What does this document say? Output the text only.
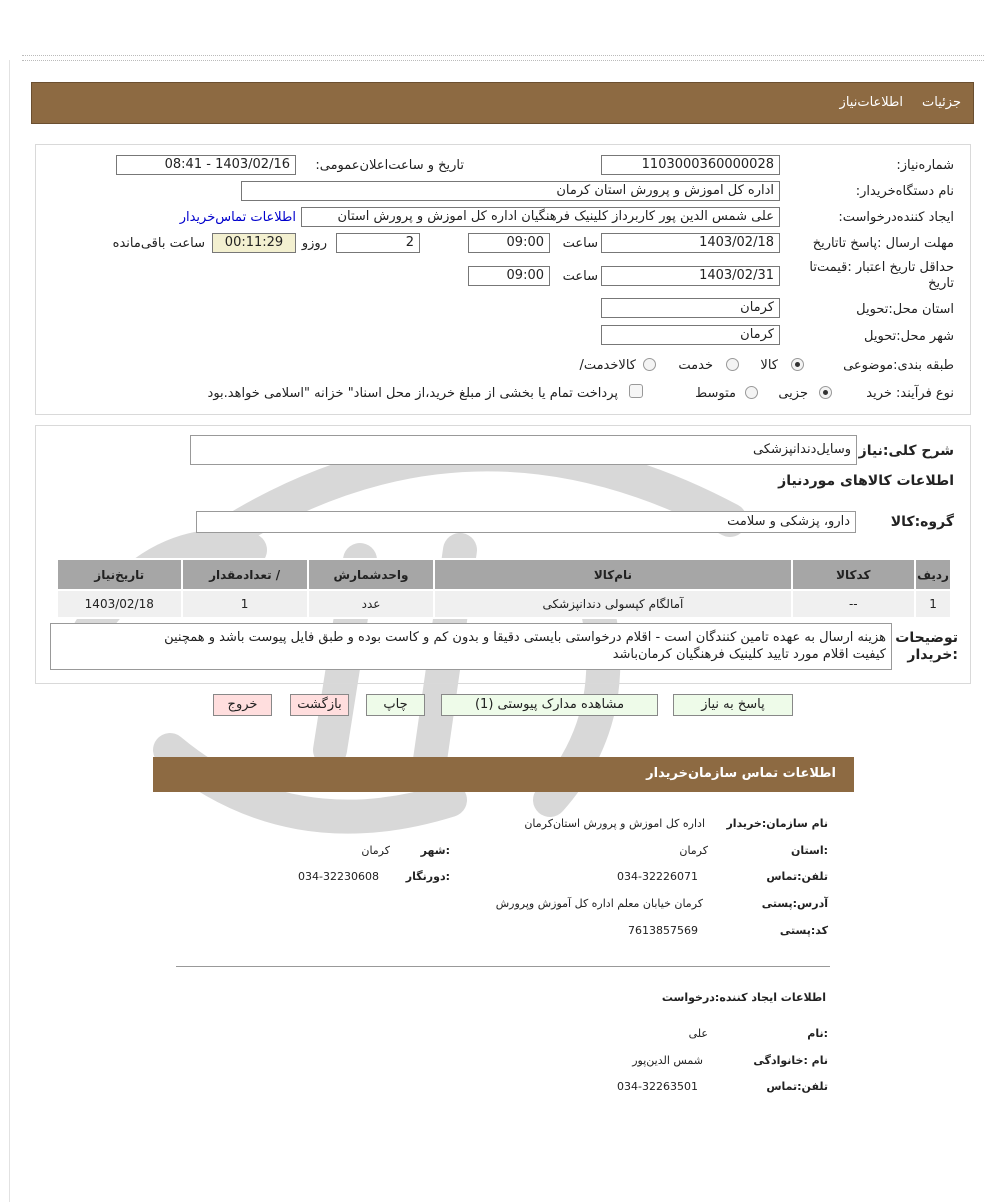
جزئیات
اطلاعات‌نیاز
شماره‌نیاز:
1103000360000028
تاریخ و ساعت‌اعلان‌عمومی:
1403/02/16 - 08:41
نام دستگاه‌خریدار:
اداره کل اموزش و پرورش استان کرمان
ایجاد کننده‌درخواست:
علی شمس الدین پور کاربرداز کلینیک فرهنگیان اداره کل اموزش و پرورش استان
اطلاعات تماس‌خریدار
مهلت ارسال :پاسخ تا‌تاریخ
1403/02/18
ساعت
09:00
2
روزو
00:11:29
ساعت باقی‌مانده
حداقل تاریخ اعتبار :قیمت‌تا تاریخ
1403/02/31
ساعت
09:00
استان محل:تحویل
کرمان
شهر محل:تحویل
کرمان
طبقه بندی:موضوعی
کالا
خدمت
کالاخدمت/
نوع فرآیند: خرید
جزیی
متوسط
پرداخت تمام یا بخشی از مبلغ خرید،از محل اسناد" خزانه "اسلامی خواهد.بود
شرح کلی:نیاز
وسایل‌دندانپزشکی
اطلاعات کالاهای موردنیاز
گروه:کالا
دارو، پزشکی و سلامت
ردیف	کدکالا	نام‌کالا	واحدشمارش	/ تعدادمقدار	تاریخ‌نیاز
1	--	آمالگام کپسولی دندانپزشکی	عدد	1	1403/02/18
توضیحات :خریدار
هزینه ارسال به عهده تامین کنندگان است - اقلام درخواستی بایستی دقیقا و بدون کم و کاست بوده و طبق فایل پیوست باشد و همچنین
کیفیت اقلام مورد تایید کلینیک فرهنگیان کرمان‌باشد
پاسخ به نیاز
مشاهده مدارک پیوستی (1)
چاپ
بازگشت
خروج
اطلاعات تماس سازمان‌خریدار
نام سازمان:خریدار
اداره کل اموزش و پرورش استان‌کرمان
:استان
کرمان
:شهر
کرمان
تلفن:تماس
034-32226071
:دورنگار
034-32230608
آدرس:پستی
کرمان خیابان معلم اداره کل آموزش وپرورش
کد:پستی
7613857569
اطلاعات ایجاد کننده:درخواست
:نام
علی
نام :خانوادگی
شمس الدین‌پور
تلفن:تماس
034-32263501
